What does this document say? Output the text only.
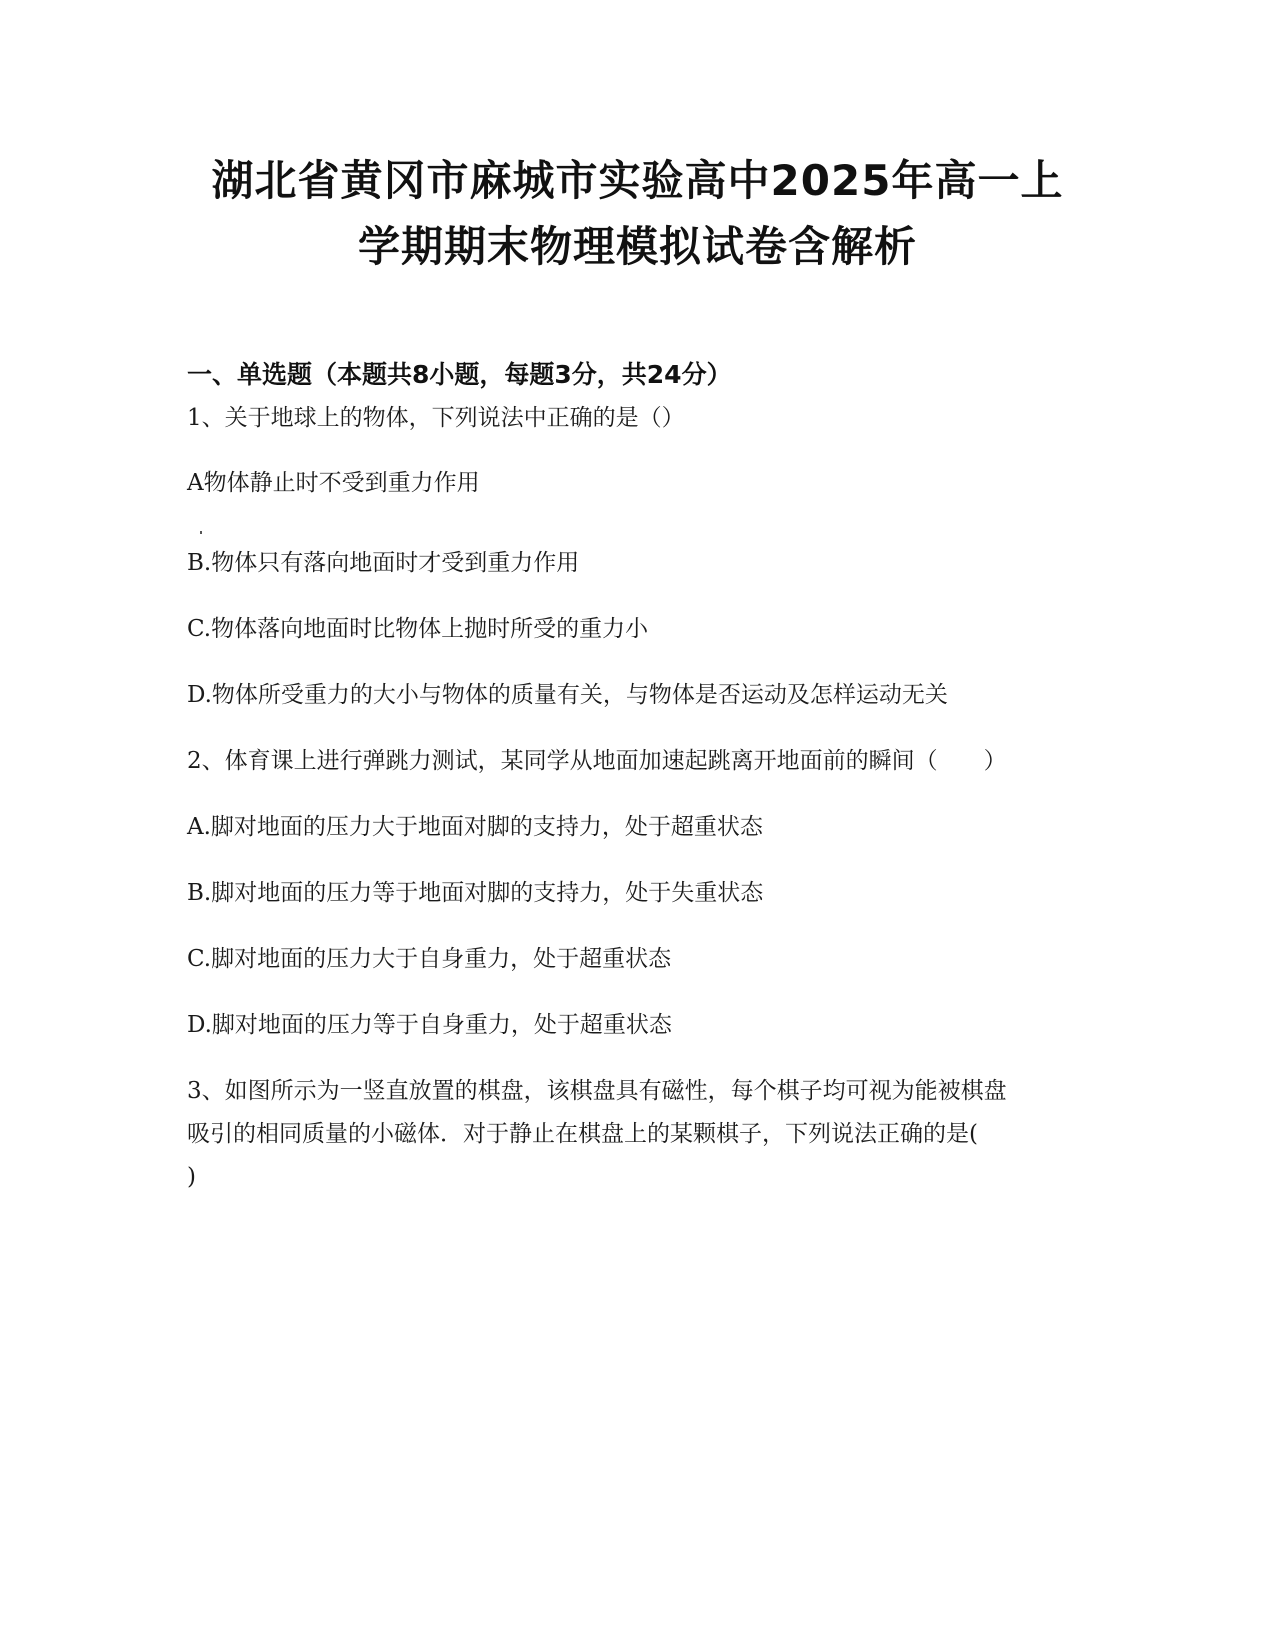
湖北省黄冈市麻城市实验高中2025年高一上
学期期末物理模拟试卷含解析
一、单选题（本题共8小题，每题3分，共24分）
1、关于地球上的物体，下列说法中正确的是（）
A物体静止时不受到重力作用
B.物体只有落向地面时才受到重力作用
C.物体落向地面时比物体上抛时所受的重力小
D.物体所受重力的大小与物体的质量有关，与物体是否运动及怎样运动无关
2、体育课上进行弹跳力测试，某同学从地面加速起跳离开地面前的瞬间（　　）
A.脚对地面的压力大于地面对脚的支持力，处于超重状态
B.脚对地面的压力等于地面对脚的支持力，处于失重状态
C.脚对地面的压力大于自身重力，处于超重状态
D.脚对地面的压力等于自身重力，处于超重状态
3、如图所示为一竖直放置的棋盘，该棋盘具有磁性，每个棋子均可视为能被棋盘
吸引的相同质量的小磁体．对于静止在棋盘上的某颗棋子，下列说法正确的是(
)
